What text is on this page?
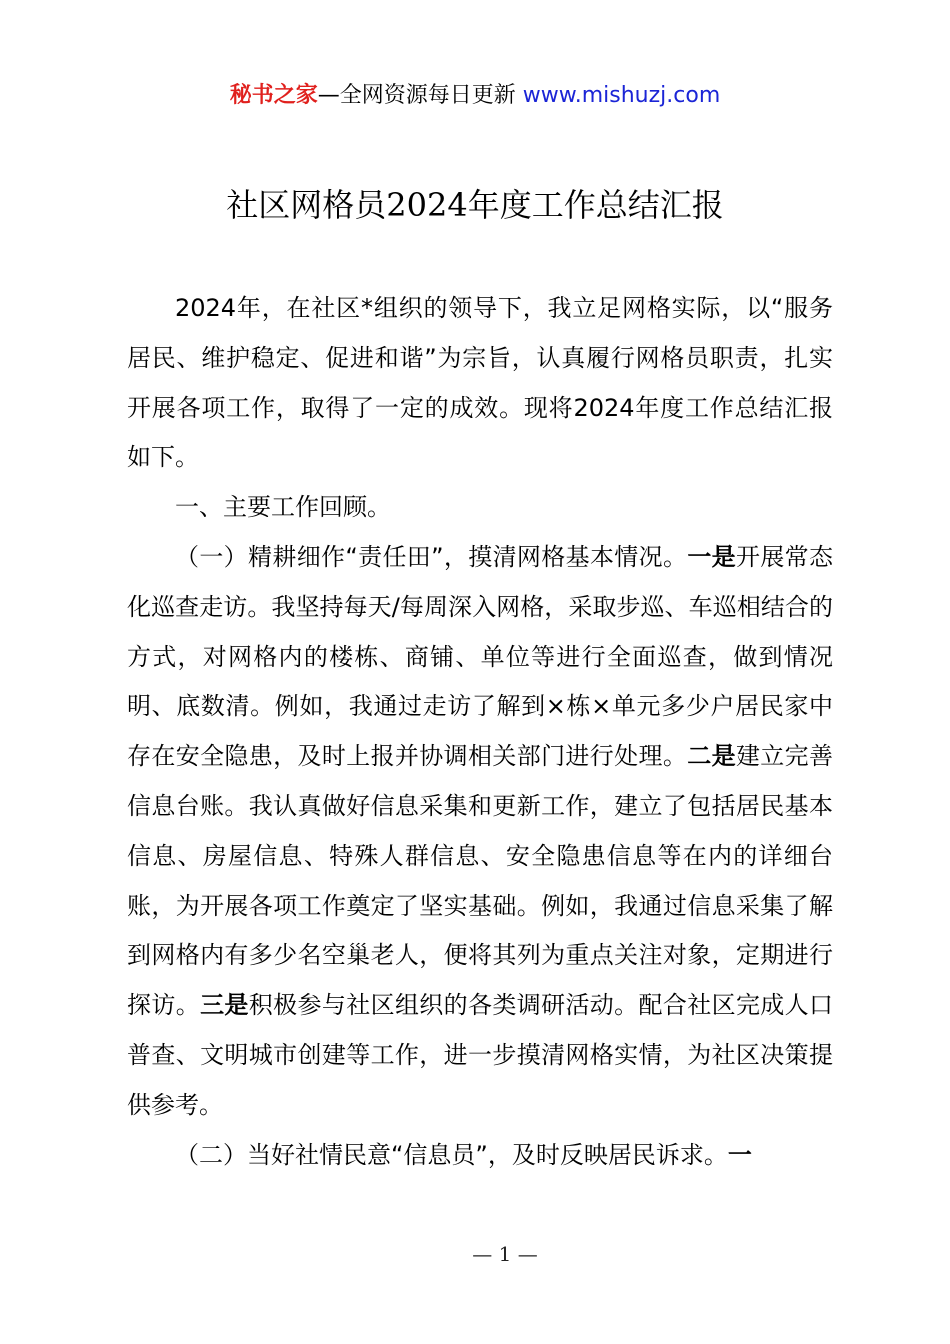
秘书之家—全网资源每日更新 www.mishuzj.com
社区网格员2024年度工作总结汇报

2024年，在社区*组织的领导下，我立足网格实际，以“服务居民、维护稳定、促进和谐”为宗旨，认真履行网格员职责，扎实开展各项工作，取得了一定的成效。现将2024年度工作总结汇报如下。

一、主要工作回顾。

（一）精耕细作“责任田”，摸清网格基本情况。一是开展常态化巡查走访。我坚持每天/每周深入网格，采取步巡、车巡相结合的方式，对网格内的楼栋、商铺、单位等进行全面巡查，做到情况明、底数清。例如，我通过走访了解到×栋×单元多少户居民家中存在安全隐患，及时上报并协调相关部门进行处理。二是建立完善信息台账。我认真做好信息采集和更新工作，建立了包括居民基本信息、房屋信息、特殊人群信息、安全隐患信息等在内的详细台账，为开展各项工作奠定了坚实基础。例如，我通过信息采集了解到网格内有多少名空巢老人，便将其列为重点关注对象，定期进行探访。三是积极参与社区组织的各类调研活动。配合社区完成人口普查、文明城市创建等工作，进一步摸清网格实情，为社区决策提供参考。

（二）当好社情民意“信息员”，及时反映居民诉求。一

— 1 —
